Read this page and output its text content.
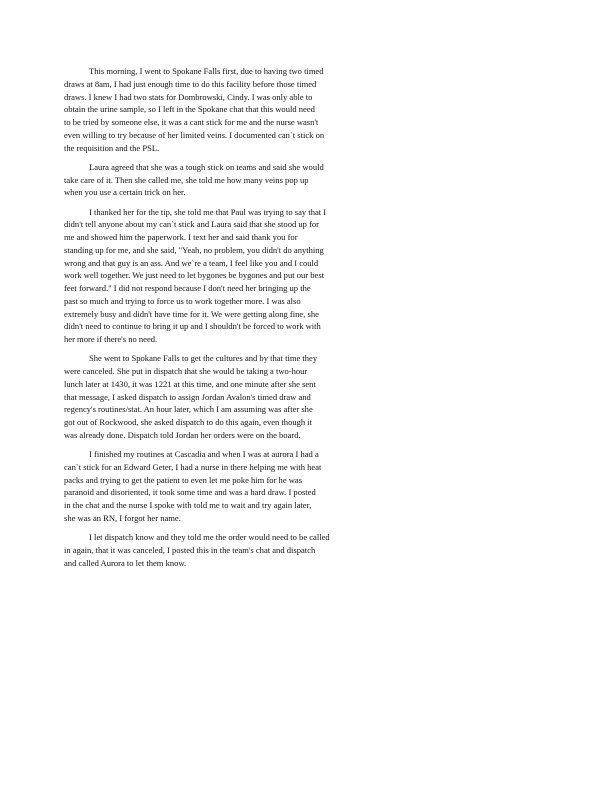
This morning, I went to Spokane Falls first, due to having two timed
draws at 8am, I had just enough time to do this facility before those timed
draws. I knew I had two stats for Dombrowski, Cindy. I was only able to
obtain the urine sample, so I left in the Spokane chat that this would need
to be tried by someone else, it was a cant stick for me and the nurse wasn't
even willing to try because of her limited veins. I documented can`t stick on
the requisition and the PSL.

Laura agreed that she was a tough stick on teams and said she would
take care of it. Then she called me, she told me how many veins pop up
when you use a certain trick on her.

I thanked her for the tip, she told me that Paul was trying to say that I
didn't tell anyone about my can`t stick and Laura said that she stood up for
me and showed him the paperwork. I text her and said thank you for
standing up for me, and she said, "Yeah, no problem, you didn't do anything
wrong and that guy is an ass. And we`re a team, I feel like you and I could
work well together. We just need to let bygones be bygones and put our best
feet forward." I did not respond because I don't need her bringing up the
past so much and trying to force us to work together more. I was also
extremely busy and didn't have time for it. We were getting along fine, she
didn't need to continue to bring it up and I shouldn't be forced to work with
her more if there's no need.

She went to Spokane Falls to get the cultures and by that time they
were canceled. She put in dispatch that she would be taking a two-hour
lunch later at 1430, it was 1221 at this time, and one minute after she sent
that message, I asked dispatch to assign Jordan Avalon's timed draw and
regency's routines/stat. An hour later, which I am assuming was after she
got out of Rockwood, she asked dispatch to do this again, even though it
was already done. Dispatch told Jordan her orders were on the board.

I finished my routines at Cascadia and when I was at aurora I had a
can`t stick for an Edward Geter, I had a nurse in there helping me with heat
packs and trying to get the patient to even let me poke him for he was
paranoid and disoriented, it took some time and was a hard draw. I posted
in the chat and the nurse I spoke with told me to wait and try again later,
she was an RN, I forgot her name.

I let dispatch know and they told me the order would need to be called
in again, that it was canceled, I posted this in the team's chat and dispatch
and called Aurora to let them know.
